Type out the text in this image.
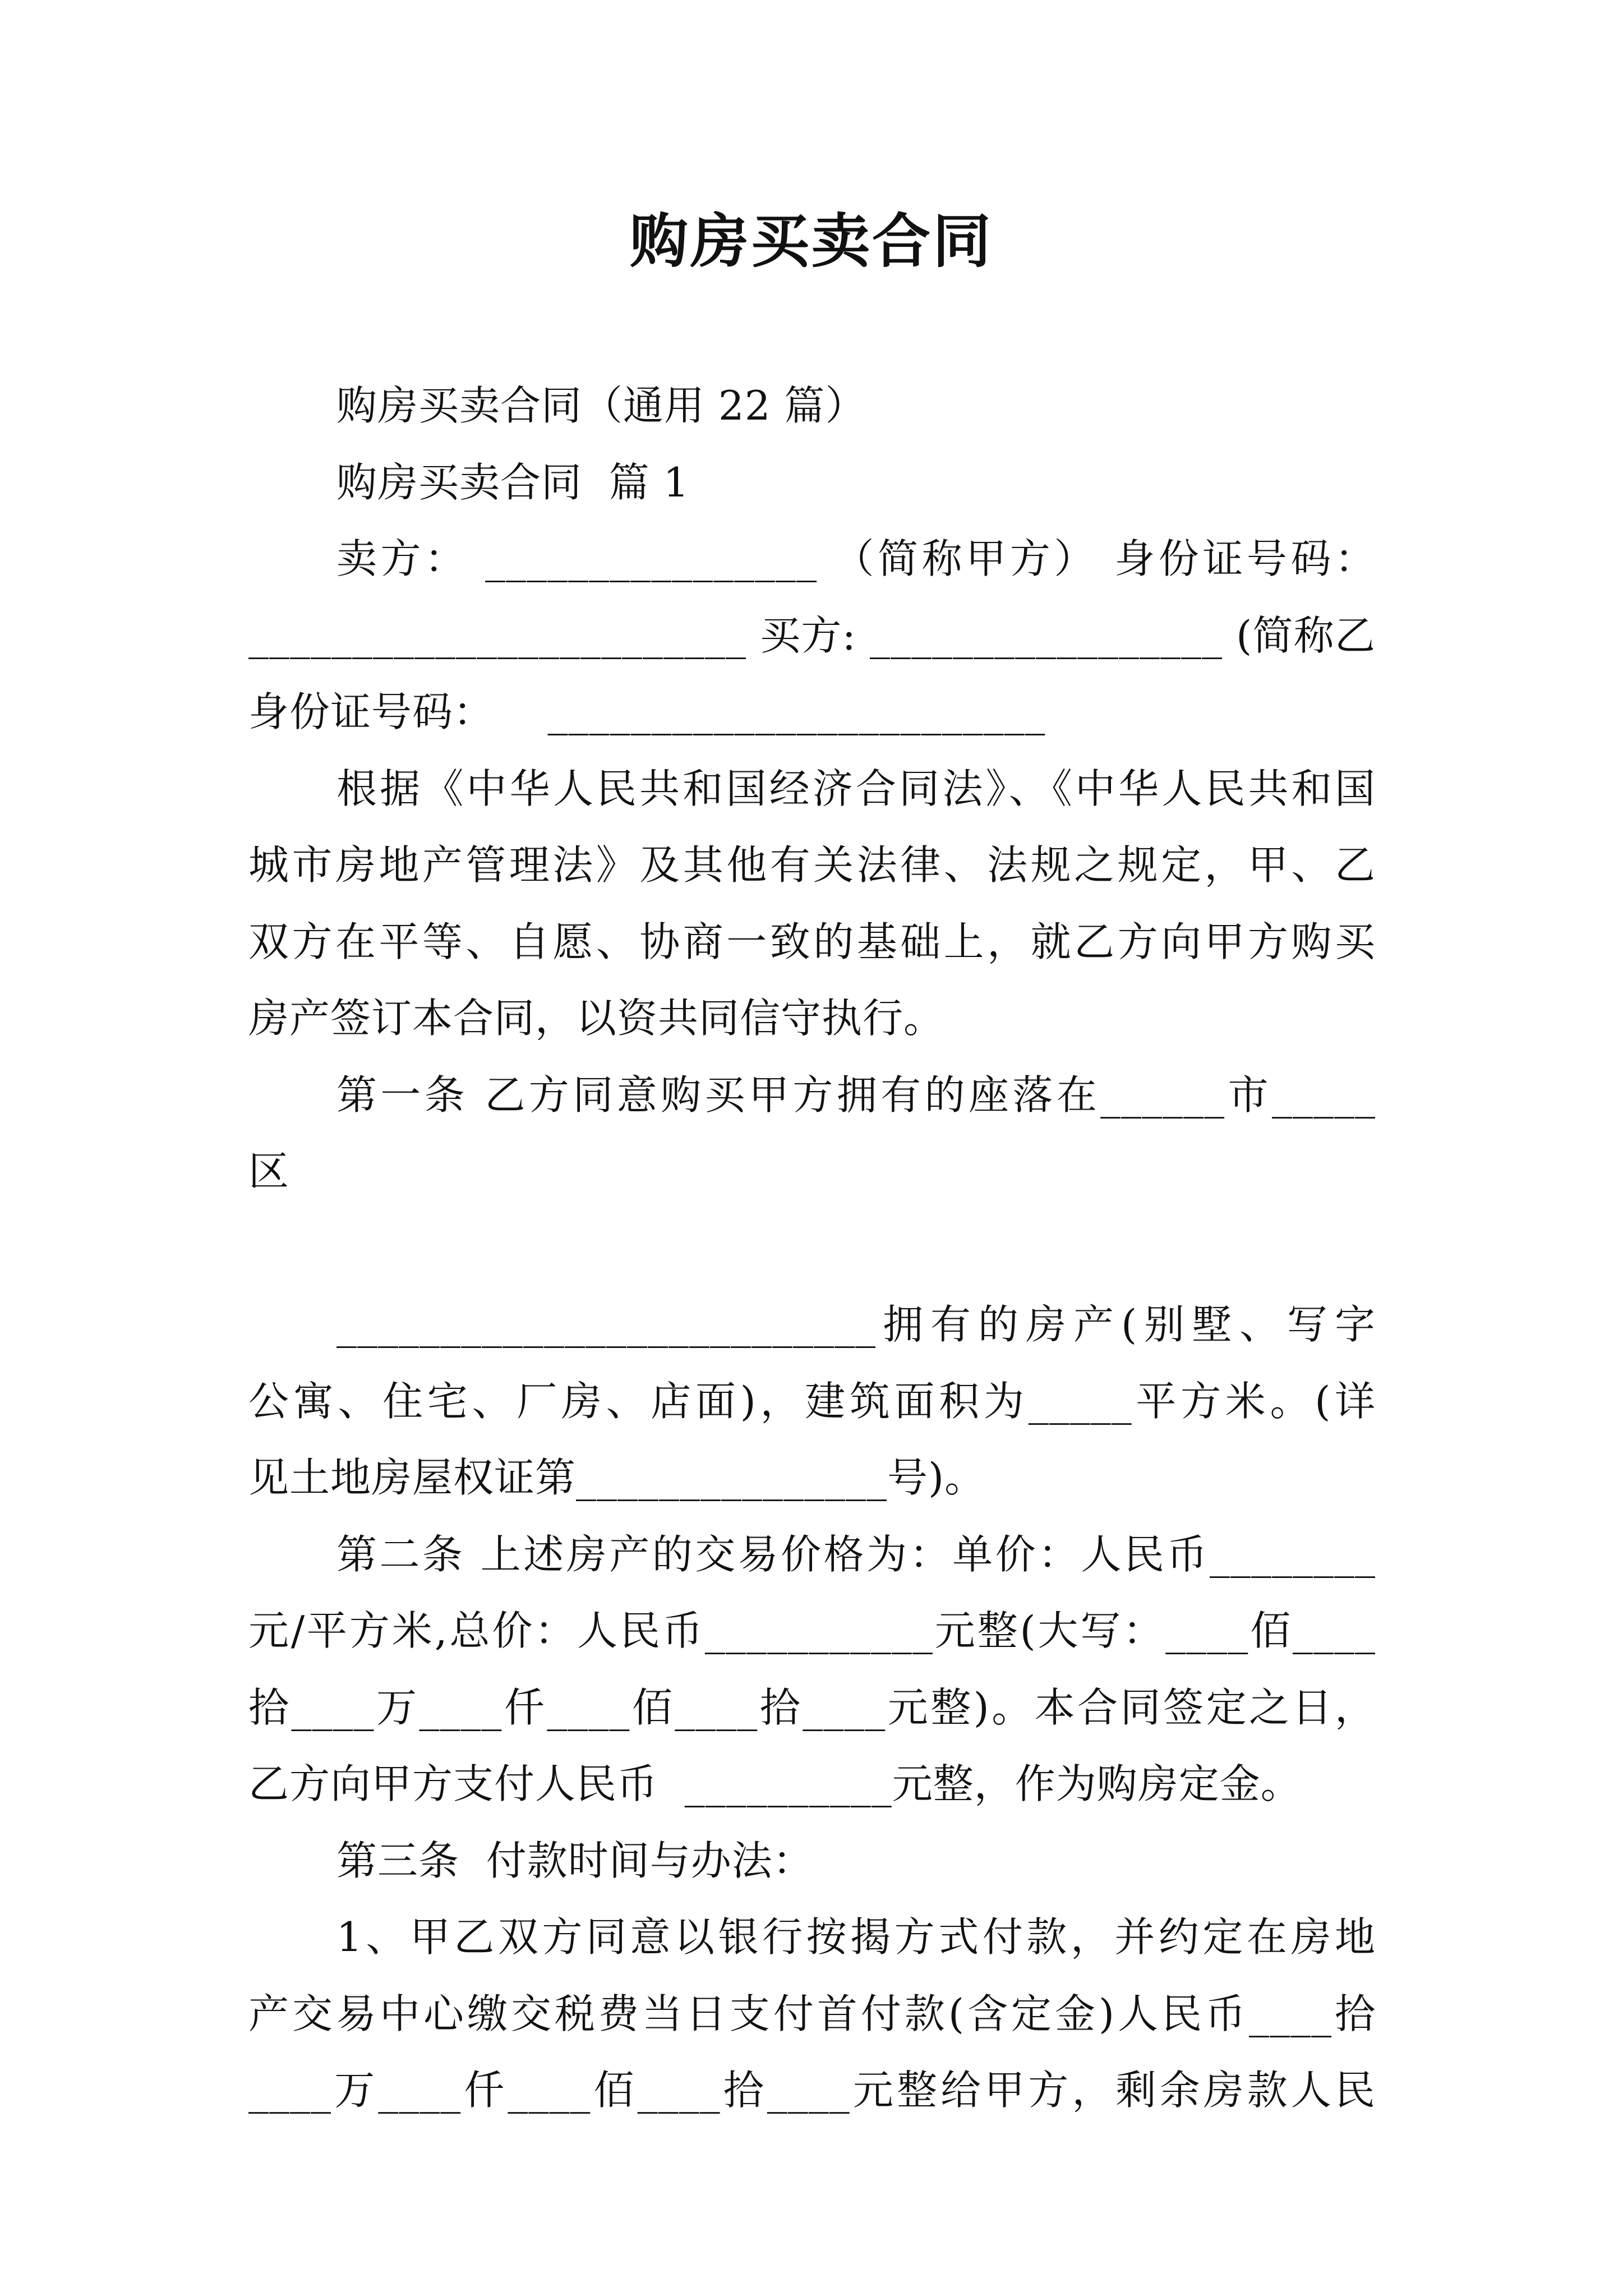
购房买卖合同
购房买卖合同（通用 22 篇）
购房买卖合同  篇 1
卖方： ________________ （简称甲方） 身份证号码：
________________________ 买方: _________________ (简称乙
身份证号码：    ________________________
根据《中华人民共和国经济合同法》、《中华人民共和国
城市房地产管理法》及其他有关法律、法规之规定，甲、乙
双方在平等、自愿、协商一致的基础上，就乙方向甲方购买
房产签订本合同，以资共同信守执行。
第一条 乙方同意购买甲方拥有的座落在______市_____
区
__________________________拥有的房产(别墅、写字
公寓、住宅、厂房、店面)，建筑面积为_____平方米。(详
见土地房屋权证第_______________号)。
第二条 上述房产的交易价格为：单价：人民币________
元/平方米,总价：人民币___________元整(大写：____佰____
拾____万____仟____佰____拾____元整)。本合同签定之日，
乙方向甲方支付人民币  __________元整，作为购房定金。
第三条  付款时间与办法：
1、甲乙双方同意以银行按揭方式付款，并约定在房地
产交易中心缴交税费当日支付首付款(含定金)人民币____拾
____万____仟____佰____拾____元整给甲方，剩余房款人民
